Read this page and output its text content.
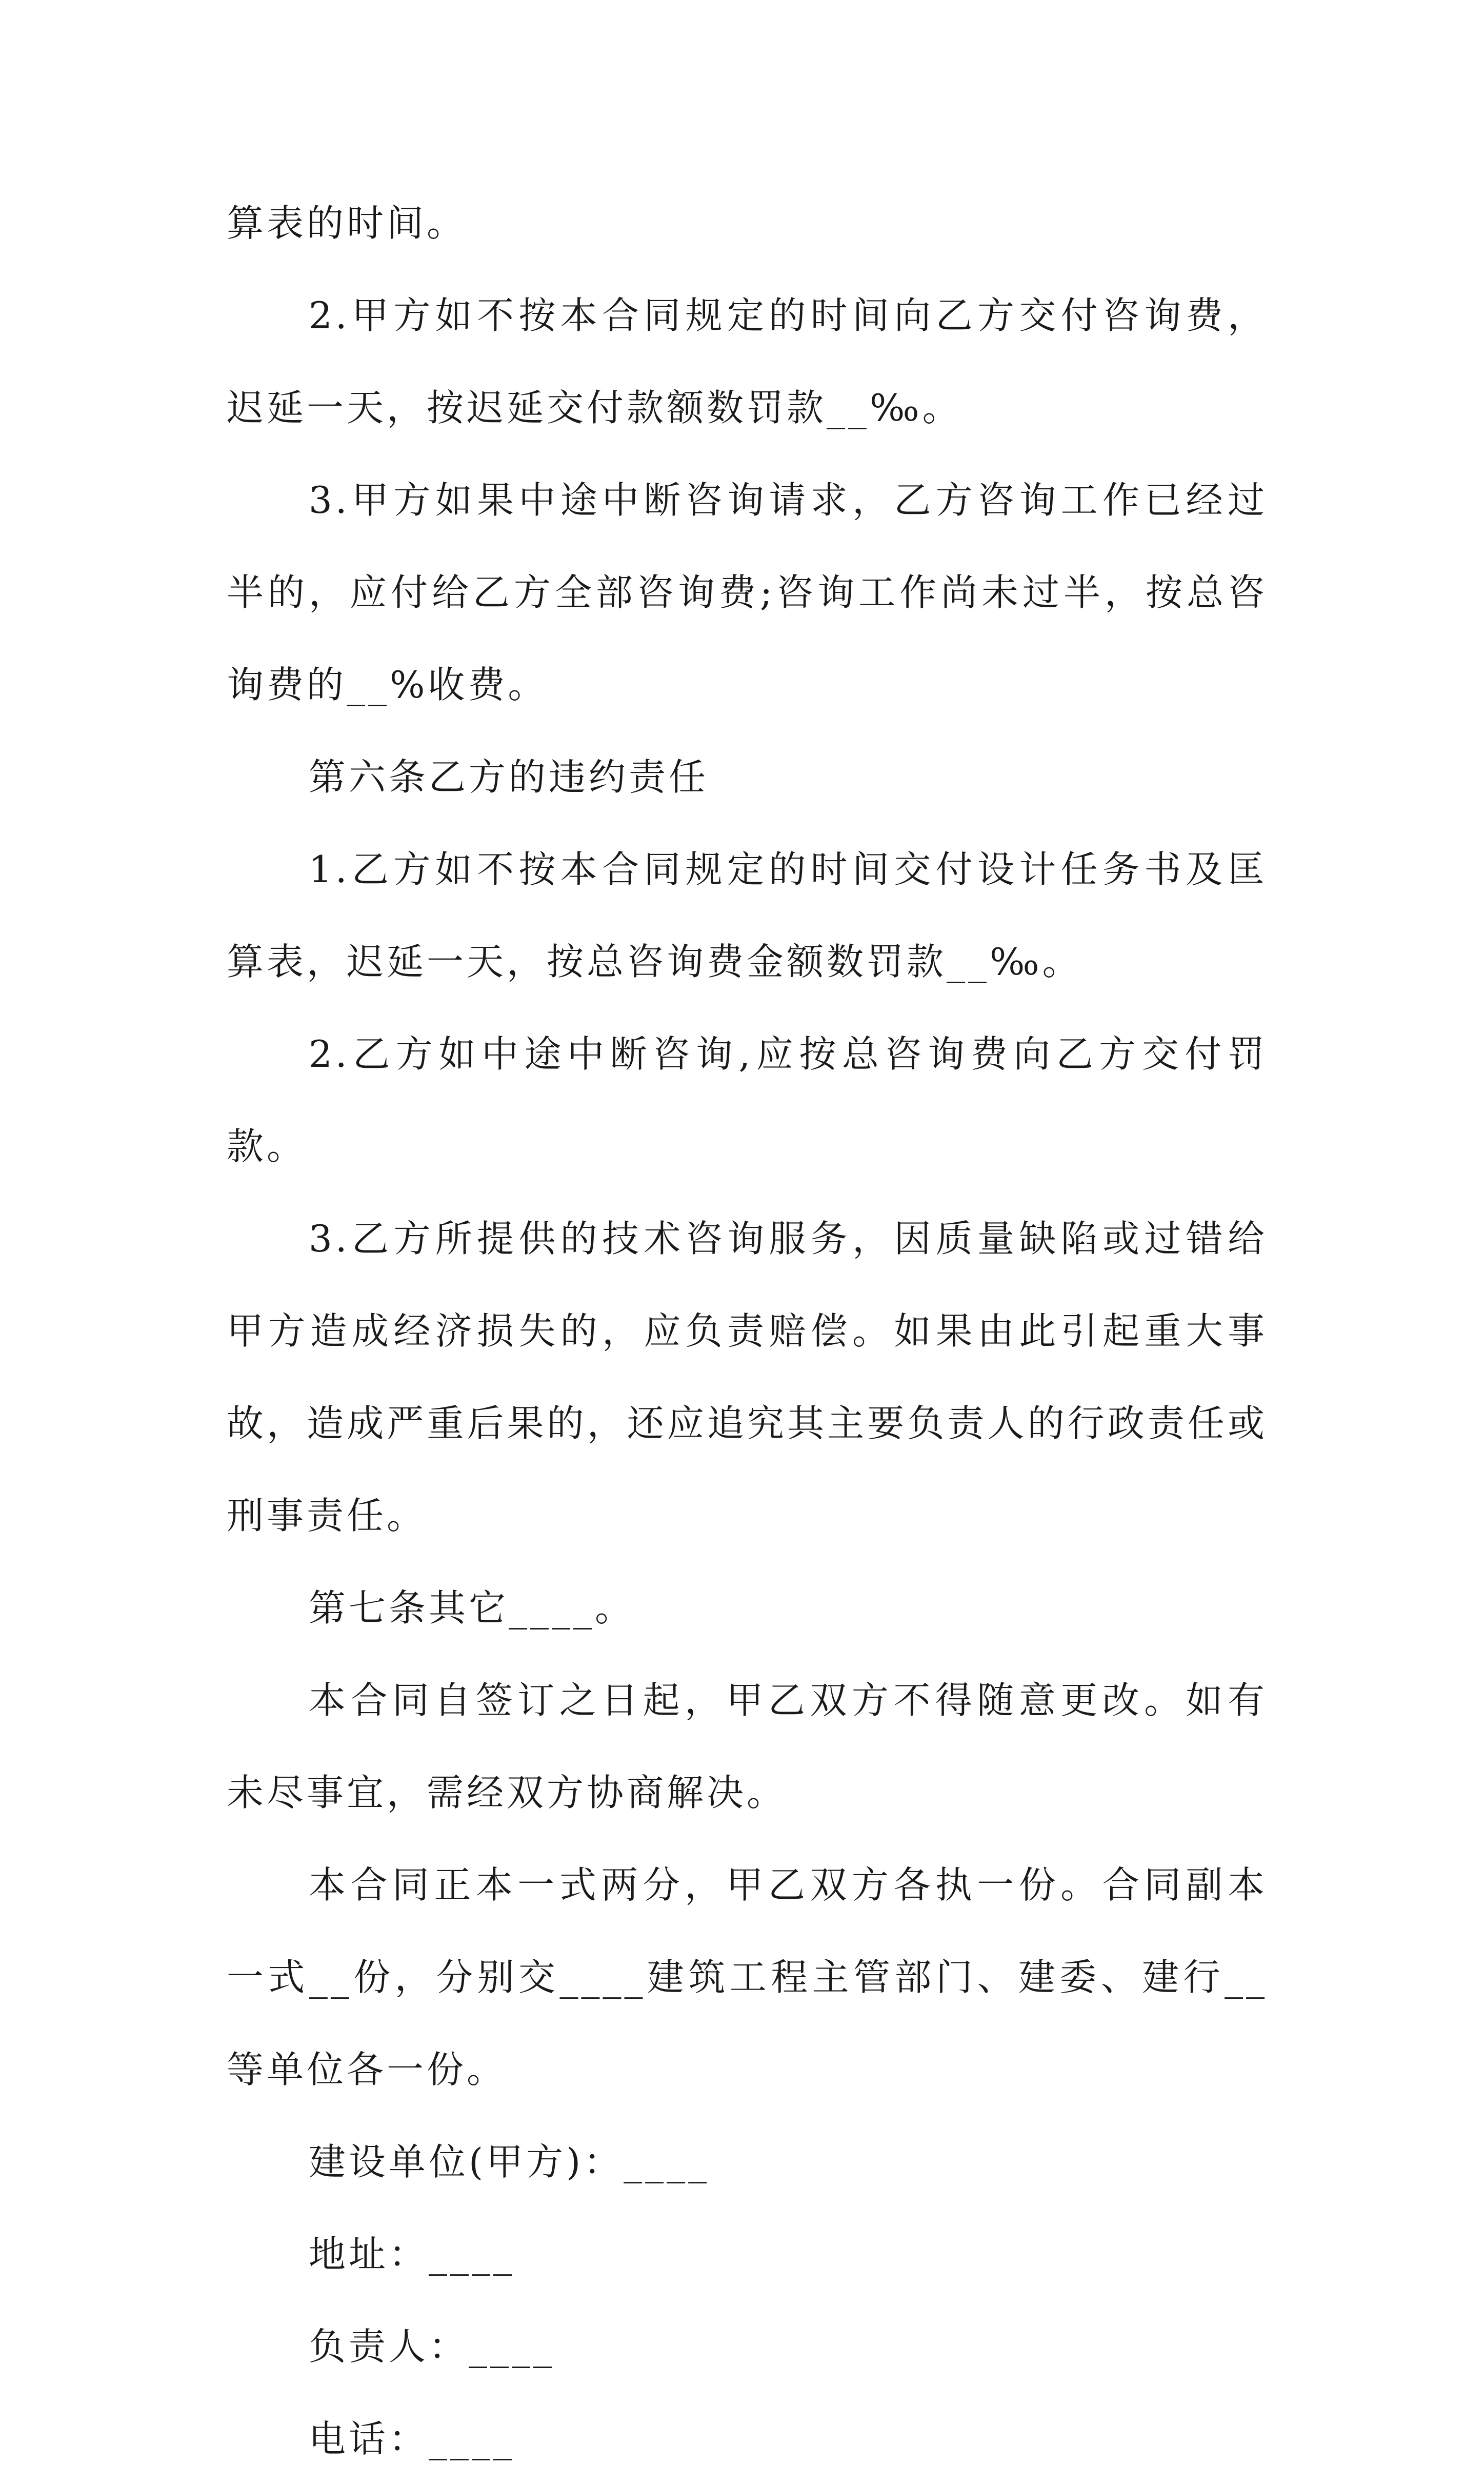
算表的时间。

2.甲方如不按本合同规定的时间向乙方交付咨询费，迟延一天，按迟延交付款额数罚款__‰。

3.甲方如果中途中断咨询请求，乙方咨询工作已经过半的，应付给乙方全部咨询费;咨询工作尚未过半，按总咨询费的__%收费。

第六条乙方的违约责任

1.乙方如不按本合同规定的时间交付设计任务书及匡算表，迟延一天，按总咨询费金额数罚款__‰。

2.乙方如中途中断咨询,应按总咨询费向乙方交付罚款。

3.乙方所提供的技术咨询服务，因质量缺陷或过错给甲方造成经济损失的，应负责赔偿。如果由此引起重大事故，造成严重后果的，还应追究其主要负责人的行政责任或刑事责任。

第七条其它____。

本合同自签订之日起，甲乙双方不得随意更改。如有未尽事宜，需经双方协商解决。

本合同正本一式两分，甲乙双方各执一份。合同副本一式__份，分别交____建筑工程主管部门、建委、建行__等单位各一份。

建设单位(甲方)：____

地址：____

负责人：____

电话：____
